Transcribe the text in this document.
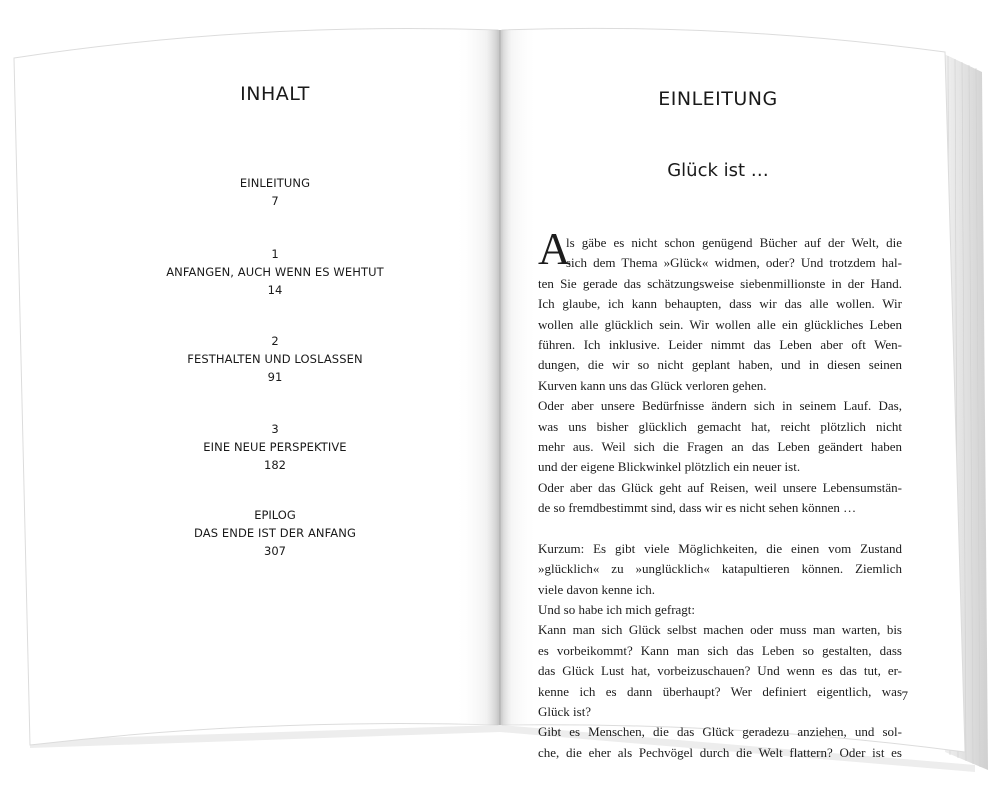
INHALT
EINLEITUNG
7
1
ANFANGEN, AUCH WENN ES WEHTUT
14
2
FESTHALTEN UND LOSLASSEN
91
3
EINE NEUE PERSPEKTIVE
182
EPILOG
DAS ENDE IST DER ANFANG
307
EINLEITUNG
Glück ist …
A
ls gäbe es nicht schon genügend Bücher auf der Welt, die
sich dem Thema »Glück« widmen, oder? Und trotzdem hal-
ten Sie gerade das schätzungsweise siebenmillionste in der Hand.
Ich glaube, ich kann behaupten, dass wir das alle wollen. Wir
wollen alle glücklich sein. Wir wollen alle ein glückliches Leben
führen. Ich inklusive. Leider nimmt das Leben aber oft Wen-
dungen, die wir so nicht geplant haben, und in diesen seinen
Kurven kann uns das Glück verloren gehen.
Oder aber unsere Bedürfnisse ändern sich in seinem Lauf. Das,
was uns bisher glücklich gemacht hat, reicht plötzlich nicht
mehr aus. Weil sich die Fragen an das Leben geändert haben
und der eigene Blickwinkel plötzlich ein neuer ist.
Oder aber das Glück geht auf Reisen, weil unsere Lebensumstän-
de so fremdbestimmt sind, dass wir es nicht sehen können …
Kurzum: Es gibt viele Möglichkeiten, die einen vom Zustand
»glücklich« zu »unglücklich« katapultieren können. Ziemlich
viele davon kenne ich.
Und so habe ich mich gefragt:
Kann man sich Glück selbst machen oder muss man warten, bis
es vorbeikommt? Kann man sich das Leben so gestalten, dass
das Glück Lust hat, vorbeizuschauen? Und wenn es das tut, er-
kenne ich es dann überhaupt? Wer definiert eigentlich, was
Glück ist?
Gibt es Menschen, die das Glück geradezu anziehen, und sol-
che, die eher als Pechvögel durch die Welt flattern? Oder ist es
7
